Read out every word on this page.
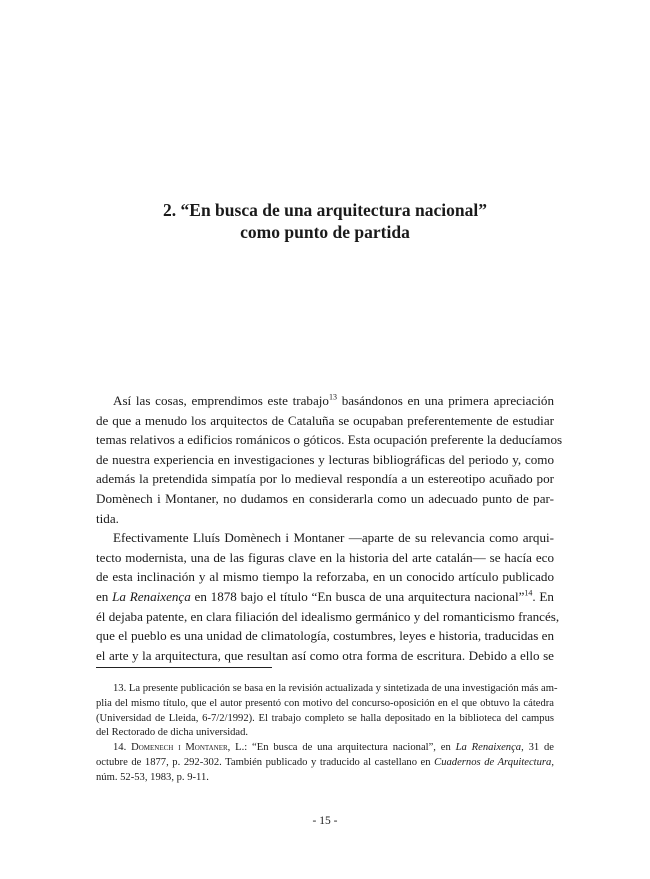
2. “En busca de una arquitectura nacional”
como punto de partida
Así las cosas, emprendimos este trabajo$^{13}$ basándonos en una primera apreciación
de que a menudo los arquitectos de Cataluña se ocupaban preferentemente de estudiar
temas relativos a edificios románicos o góticos. Esta ocupación preferente la deducíamos
de nuestra experiencia en investigaciones y lecturas bibliográficas del periodo y, como
además la pretendida simpatía por lo medieval respondía a un estereotipo acuñado por
Domènech i Montaner, no dudamos en considerarla como un adecuado punto de par-
tida.
Efectivamente Lluís Domènech i Montaner —aparte de su relevancia como arqui-
tecto modernista, una de las figuras clave en la historia del arte catalán— se hacía eco
de esta inclinación y al mismo tiempo la reforzaba, en un conocido artículo publicado
en La Renaixença en 1878 bajo el título “En busca de una arquitectura nacional”$^{14}$. En
él dejaba patente, en clara filiación del idealismo germánico y del romanticismo francés,
que el pueblo es una unidad de climatología, costumbres, leyes e historia, traducidas en
el arte y la arquitectura, que resultan así como otra forma de escritura. Debido a ello se
13. La presente publicación se basa en la revisión actualizada y sintetizada de una investigación más am-
plia del mismo título, que el autor presentó con motivo del concurso-oposición en el que obtuvo la cátedra
(Universidad de Lleida, 6-7/2/1992). El trabajo completo se halla depositado en la biblioteca del campus
del Rectorado de dicha universidad.
14. Domenech i Montaner, L.: “En busca de una arquitectura nacional”, en La Renaixença, 31 de
octubre de 1877, p. 292-302. También publicado y traducido al castellano en Cuadernos de Arquitectura,
núm. 52-53, 1983, p. 9-11.
- 15 -
